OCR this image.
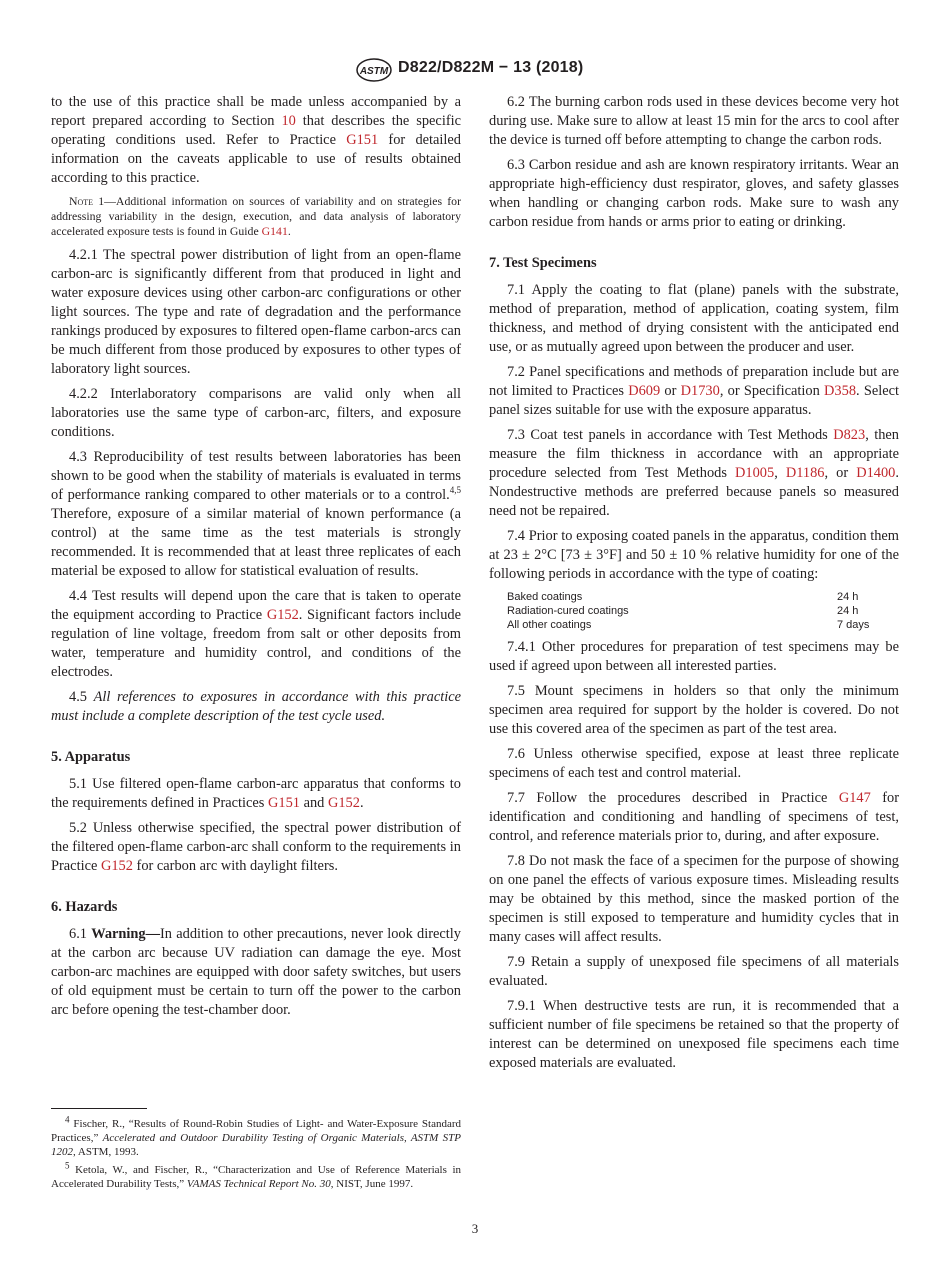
ASTM D822/D822M − 13 (2018)

to the use of this practice shall be made unless accompanied by a report prepared according to Section 10 that describes the specific operating conditions used. Refer to Practice G151 for detailed information on the caveats applicable to use of results obtained according to this practice.

Note 1—Additional information on sources of variability and on strategies for addressing variability in the design, execution, and data analysis of laboratory accelerated exposure tests is found in Guide G141.

4.2.1 The spectral power distribution of light from an open-flame carbon-arc is significantly different from that produced in light and water exposure devices using other carbon-arc configurations or other light sources. The type and rate of degradation and the performance rankings produced by exposures to filtered open-flame carbon-arcs can be much different from those produced by exposures to other types of laboratory light sources.

4.2.2 Interlaboratory comparisons are valid only when all laboratories use the same type of carbon-arc, filters, and exposure conditions.

4.3 Reproducibility of test results between laboratories has been shown to be good when the stability of materials is evaluated in terms of performance ranking compared to other materials or to a control.$^{4,5}$ Therefore, exposure of a similar material of known performance (a control) at the same time as the test materials is strongly recommended. It is recommended that at least three replicates of each material be exposed to allow for statistical evaluation of results.

4.4 Test results will depend upon the care that is taken to operate the equipment according to Practice G152. Significant factors include regulation of line voltage, freedom from salt or other deposits from water, temperature and humidity control, and conditions of the electrodes.

4.5 All references to exposures in accordance with this practice must include a complete description of the test cycle used.

5. Apparatus

5.1 Use filtered open-flame carbon-arc apparatus that conforms to the requirements defined in Practices G151 and G152.

5.2 Unless otherwise specified, the spectral power distribution of the filtered open-flame carbon-arc shall conform to the requirements in Practice G152 for carbon arc with daylight filters.

6. Hazards

6.1 Warning—In addition to other precautions, never look directly at the carbon arc because UV radiation can damage the eye. Most carbon-arc machines are equipped with door safety switches, but users of old equipment must be certain to turn off the power to the carbon arc before opening the test-chamber door.

$^4$ Fischer, R., “Results of Round-Robin Studies of Light- and Water-Exposure Standard Practices,” Accelerated and Outdoor Durability Testing of Organic Materials, ASTM STP 1202, ASTM, 1993.

$^5$ Ketola, W., and Fischer, R., “Characterization and Use of Reference Materials in Accelerated Durability Tests,” VAMAS Technical Report No. 30, NIST, June 1997.

6.2 The burning carbon rods used in these devices become very hot during use. Make sure to allow at least 15 min for the arcs to cool after the device is turned off before attempting to change the carbon rods.

6.3 Carbon residue and ash are known respiratory irritants. Wear an appropriate high-efficiency dust respirator, gloves, and safety glasses when handling or changing carbon rods. Make sure to wash any carbon residue from hands or arms prior to eating or drinking.

7. Test Specimens

7.1 Apply the coating to flat (plane) panels with the substrate, method of preparation, method of application, coating system, film thickness, and method of drying consistent with the anticipated end use, or as mutually agreed upon between the producer and user.

7.2 Panel specifications and methods of preparation include but are not limited to Practices D609 or D1730, or Specification D358. Select panel sizes suitable for use with the exposure apparatus.

7.3 Coat test panels in accordance with Test Methods D823, then measure the film thickness in accordance with an appropriate procedure selected from Test Methods D1005, D1186, or D1400. Nondestructive methods are preferred because panels so measured need not be repaired.

7.4 Prior to exposing coated panels in the apparatus, condition them at 23 ± 2°C [73 ± 3°F] and 50 ± 10 % relative humidity for one of the following periods in accordance with the type of coating:

Baked coatings	24 h
Radiation-cured coatings	24 h
All other coatings	7 days

7.4.1 Other procedures for preparation of test specimens may be used if agreed upon between all interested parties.

7.5 Mount specimens in holders so that only the minimum specimen area required for support by the holder is covered. Do not use this covered area of the specimen as part of the test area.

7.6 Unless otherwise specified, expose at least three replicate specimens of each test and control material.

7.7 Follow the procedures described in Practice G147 for identification and conditioning and handling of specimens of test, control, and reference materials prior to, during, and after exposure.

7.8 Do not mask the face of a specimen for the purpose of showing on one panel the effects of various exposure times. Misleading results may be obtained by this method, since the masked portion of the specimen is still exposed to temperature and humidity cycles that in many cases will affect results.

7.9 Retain a supply of unexposed file specimens of all materials evaluated.

7.9.1 When destructive tests are run, it is recommended that a sufficient number of file specimens be retained so that the property of interest can be determined on unexposed file specimens each time exposed materials are evaluated.

3
